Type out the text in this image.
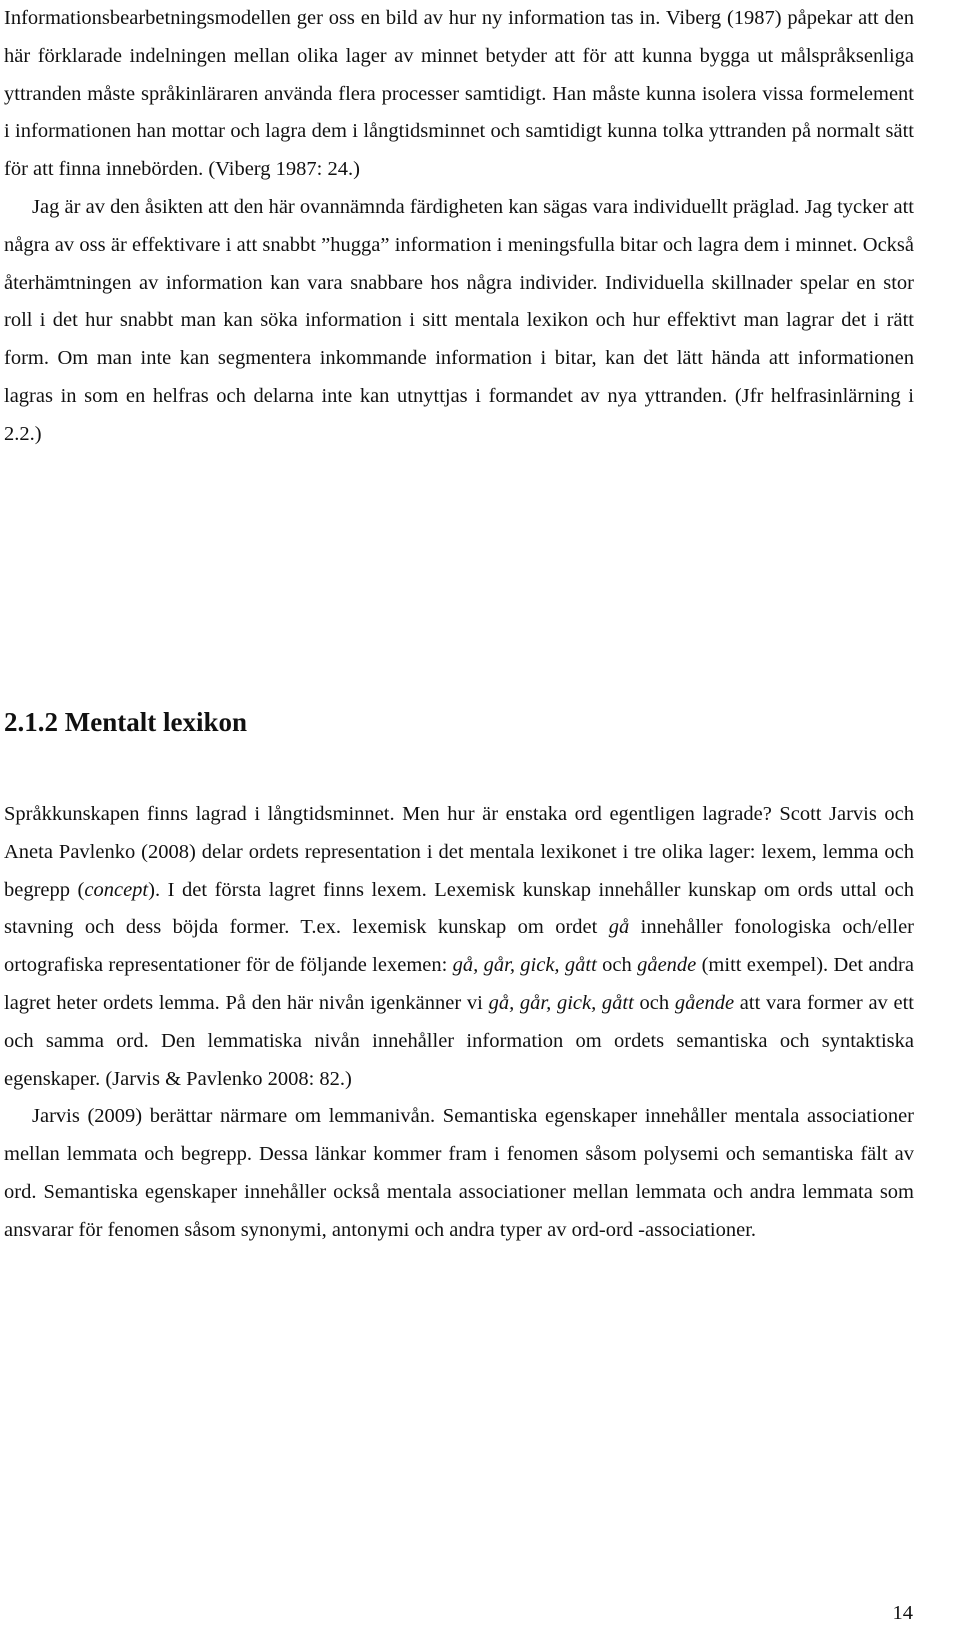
Informationsbearbetningsmodellen ger oss en bild av hur ny information tas in. Viberg (1987) påpekar att den här förklarade indelningen mellan olika lager av minnet betyder att för att kunna bygga ut målspråksenliga yttranden måste språkinläraren använda flera processer samtidigt. Han måste kunna isolera vissa formelement i informationen han mottar och lagra dem i långtidsminnet och samtidigt kunna tolka yttranden på normalt sätt för att finna innebörden. (Viberg 1987: 24.)

Jag är av den åsikten att den här ovannämnda färdigheten kan sägas vara individuellt präglad. Jag tycker att några av oss är effektivare i att snabbt ”hugga” information i meningsfulla bitar och lagra dem i minnet. Också återhämtningen av information kan vara snabbare hos några individer. Individuella skillnader spelar en stor roll i det hur snabbt man kan söka information i sitt mentala lexikon och hur effektivt man lagrar det i rätt form. Om man inte kan segmentera inkommande information i bitar, kan det lätt hända att informationen lagras in som en helfras och delarna inte kan utnyttjas i formandet av nya yttranden. (Jfr helfrasinlärning i 2.2.)

2.1.2 Mentalt lexikon

Språkkunskapen finns lagrad i långtidsminnet. Men hur är enstaka ord egentligen lagrade? Scott Jarvis och Aneta Pavlenko (2008) delar ordets representation i det mentala lexikonet i tre olika lager: lexem, lemma och begrepp (concept). I det första lagret finns lexem. Lexemisk kunskap innehåller kunskap om ords uttal och stavning och dess böjda former. T.ex. lexemisk kunskap om ordet gå innehåller fonologiska och/eller ortografiska representationer för de följande lexemen: gå, går, gick, gått och gående (mitt exempel). Det andra lagret heter ordets lemma. På den här nivån igenkänner vi gå, går, gick, gått och gående att vara former av ett och samma ord. Den lemmatiska nivån innehåller information om ordets semantiska och syntaktiska egenskaper. (Jarvis & Pavlenko 2008: 82.)

Jarvis (2009) berättar närmare om lemmanivån. Semantiska egenskaper innehåller mentala associationer mellan lemmata och begrepp. Dessa länkar kommer fram i fenomen såsom polysemi och semantiska fält av ord. Semantiska egenskaper innehåller också mentala associationer mellan lemmata och andra lemmata som ansvarar för fenomen såsom synonymi, antonymi och andra typer av ord-ord -associationer.

14
